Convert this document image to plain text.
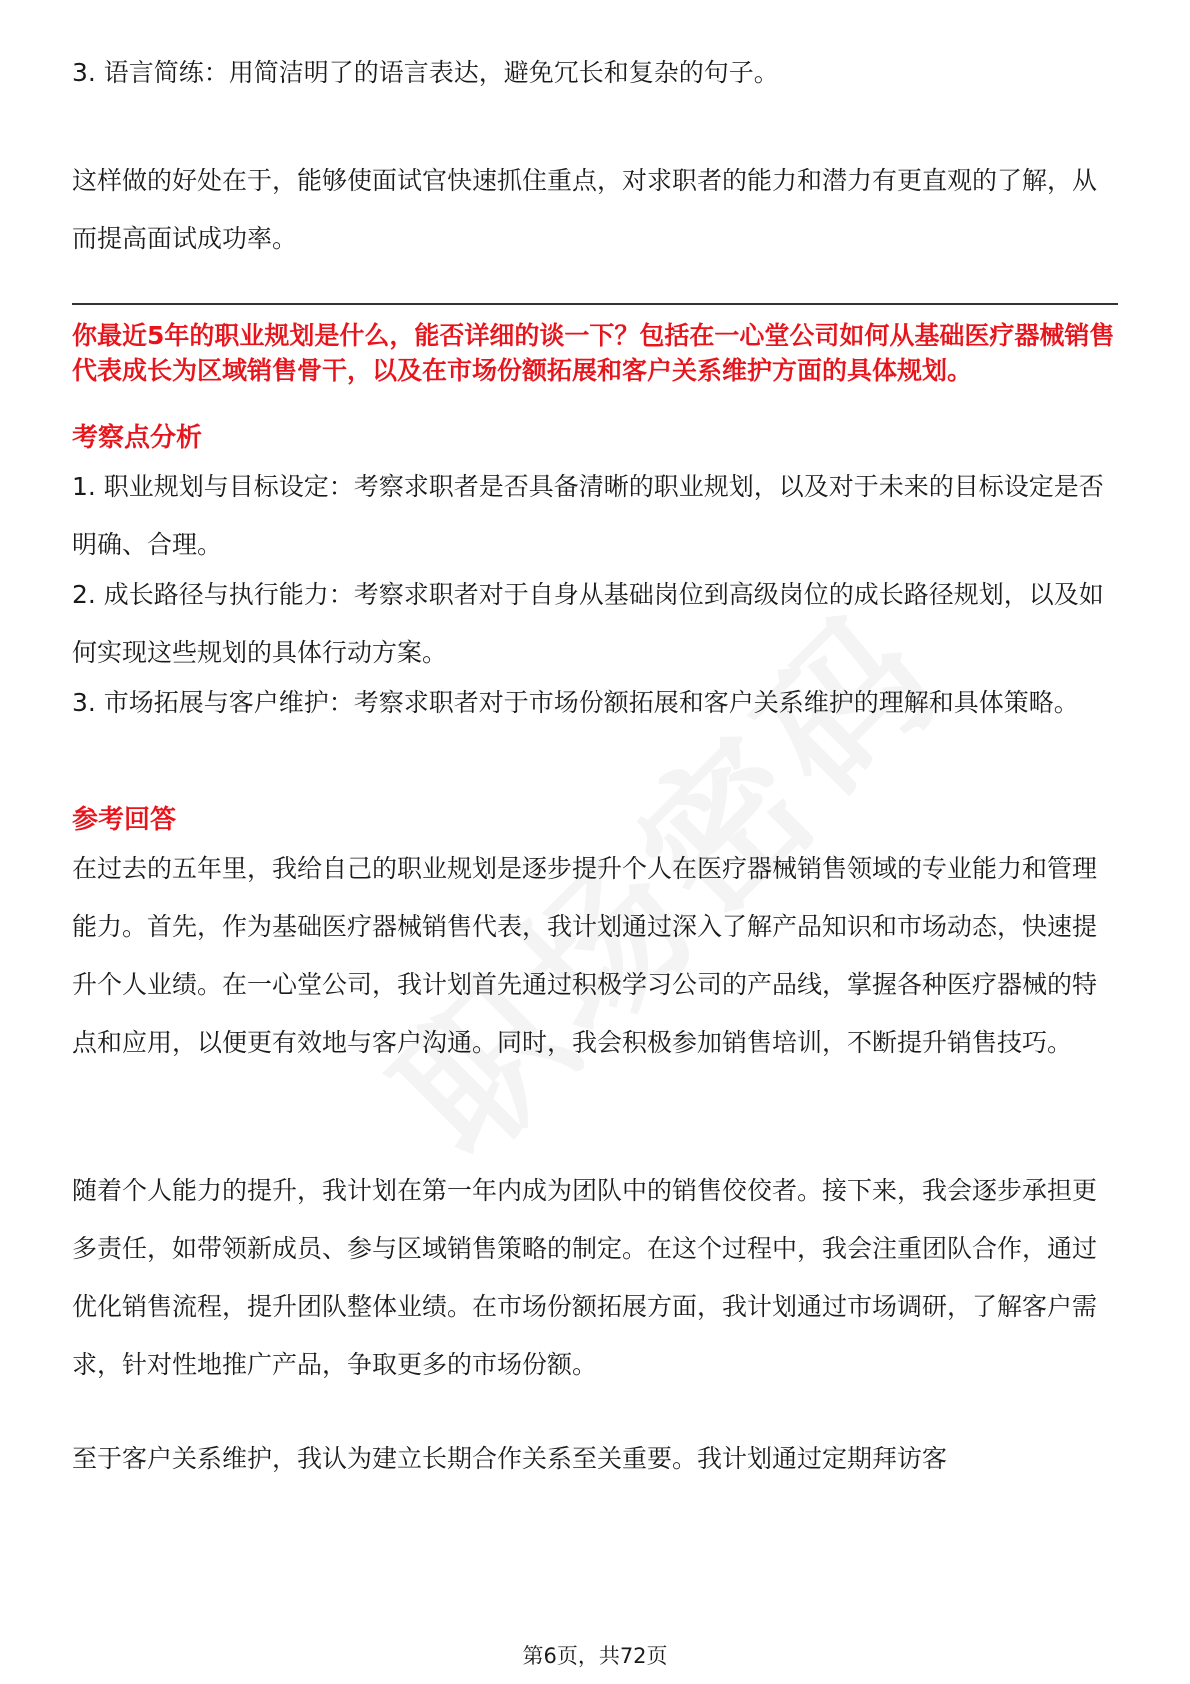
3. 语言简练：用简洁明了的语言表达，避免冗长和复杂的句子。

这样做的好处在于，能够使面试官快速抓住重点，对求职者的能力和潜力有更直观的了解，从而提高面试成功率。

你最近5年的职业规划是什么，能否详细的谈一下？包括在一心堂公司如何从基础医疗器械销售代表成长为区域销售骨干，以及在市场份额拓展和客户关系维护方面的具体规划。

考察点分析

1. 职业规划与目标设定：考察求职者是否具备清晰的职业规划，以及对于未来的目标设定是否明确、合理。

2. 成长路径与执行能力：考察求职者对于自身从基础岗位到高级岗位的成长路径规划，以及如何实现这些规划的具体行动方案。

3. 市场拓展与客户维护：考察求职者对于市场份额拓展和客户关系维护的理解和具体策略。

参考回答

在过去的五年里，我给自己的职业规划是逐步提升个人在医疗器械销售领域的专业能力和管理能力。首先，作为基础医疗器械销售代表，我计划通过深入了解产品知识和市场动态，快速提升个人业绩。在一心堂公司，我计划首先通过积极学习公司的产品线，掌握各种医疗器械的特点和应用，以便更有效地与客户沟通。同时，我会积极参加销售培训，不断提升销售技巧。

随着个人能力的提升，我计划在第一年内成为团队中的销售佼佼者。接下来，我会逐步承担更多责任，如带领新成员、参与区域销售策略的制定。在这个过程中，我会注重团队合作，通过优化销售流程，提升团队整体业绩。在市场份额拓展方面，我计划通过市场调研，了解客户需求，针对性地推广产品，争取更多的市场份额。

至于客户关系维护，我认为建立长期合作关系至关重要。我计划通过定期拜访客

第6页，共72页
